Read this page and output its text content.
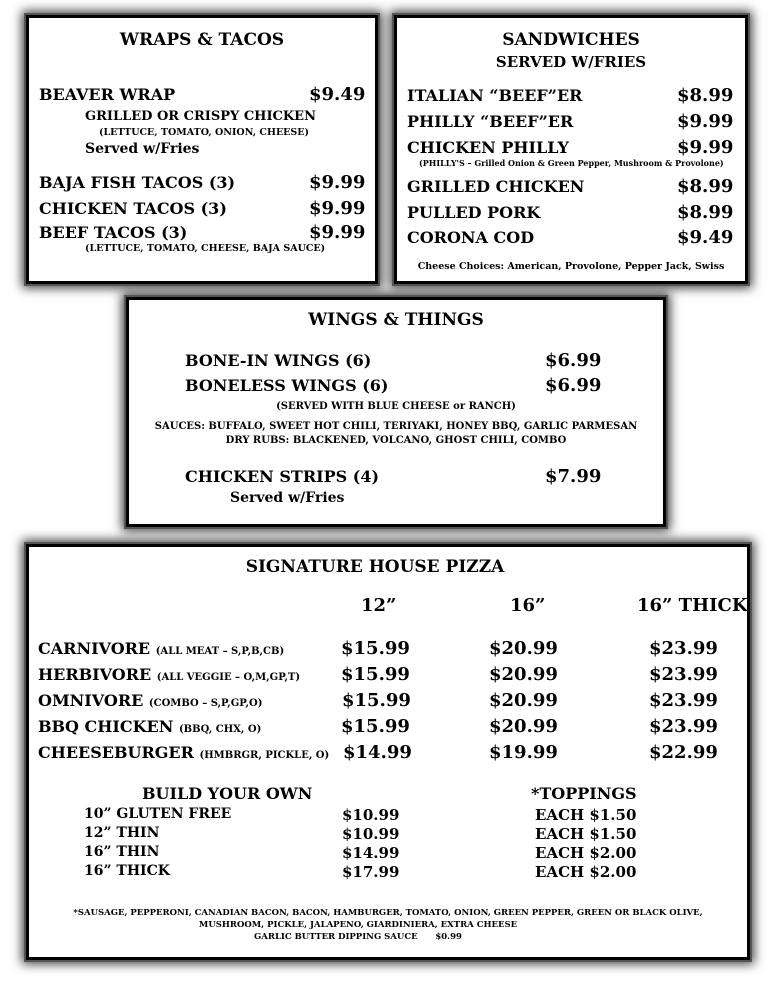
WRAPS & TACOS
BEAVER WRAP	$9.49
GRILLED OR CRISPY CHICKEN
(LETTUCE, TOMATO, ONION, CHEESE)
Served w/Fries
BAJA FISH TACOS (3)	$9.99
CHICKEN TACOS (3)	$9.99
BEEF TACOS (3)	$9.99
(LETTUCE, TOMATO, CHEESE, BAJA SAUCE)
SANDWICHES
SERVED W/FRIES
ITALIAN “BEEF”ER	$8.99
PHILLY “BEEF”ER	$9.99
CHICKEN PHILLY	$9.99
(PHILLY'S – Grilled Onion & Green Pepper, Mushroom & Provolone)
GRILLED CHICKEN	$8.99
PULLED PORK	$8.99
CORONA COD	$9.49
Cheese Choices: American, Provolone, Pepper Jack, Swiss
WINGS & THINGS
BONE-IN WINGS (6)	$6.99
BONELESS WINGS (6)	$6.99
(SERVED WITH BLUE CHEESE or RANCH)
SAUCES: BUFFALO, SWEET HOT CHILI, TERIYAKI, HONEY BBQ, GARLIC PARMESAN
DRY RUBS: BLACKENED, VOLCANO, GHOST CHILI, COMBO
CHICKEN STRIPS (4)	$7.99
Served w/Fries
SIGNATURE HOUSE PIZZA
12”	16”	16” THICK
CARNIVORE (ALL MEAT – S,P,B,CB)	$15.99	$20.99	$23.99
HERBIVORE (ALL VEGGIE – O,M,GP,T) $15.99	$20.99	$23.99
OMNIVORE (COMBO – S,P,GP,O)	$15.99	$20.99	$23.99
BBQ CHICKEN (BBQ, CHX, O)	$15.99	$20.99	$23.99
CHEESEBURGER (HMBRGR, PICKLE, O) $14.99	$19.99	$22.99
BUILD YOUR OWN	*TOPPINGS
10” GLUTEN FREE	$10.99	EACH $1.50
12” THIN	$10.99	EACH $1.50
16” THIN	$14.99	EACH $2.00
16” THICK	$17.99	EACH $2.00
*SAUSAGE, PEPPERONI, CANADIAN BACON, BACON, HAMBURGER, TOMATO, ONION, GREEN PEPPER, GREEN OR BLACK OLIVE,
MUSHROOM, PICKLE, JALAPENO, GIARDINIERA, EXTRA CHEESE
GARLIC BUTTER DIPPING SAUCE $0.99
